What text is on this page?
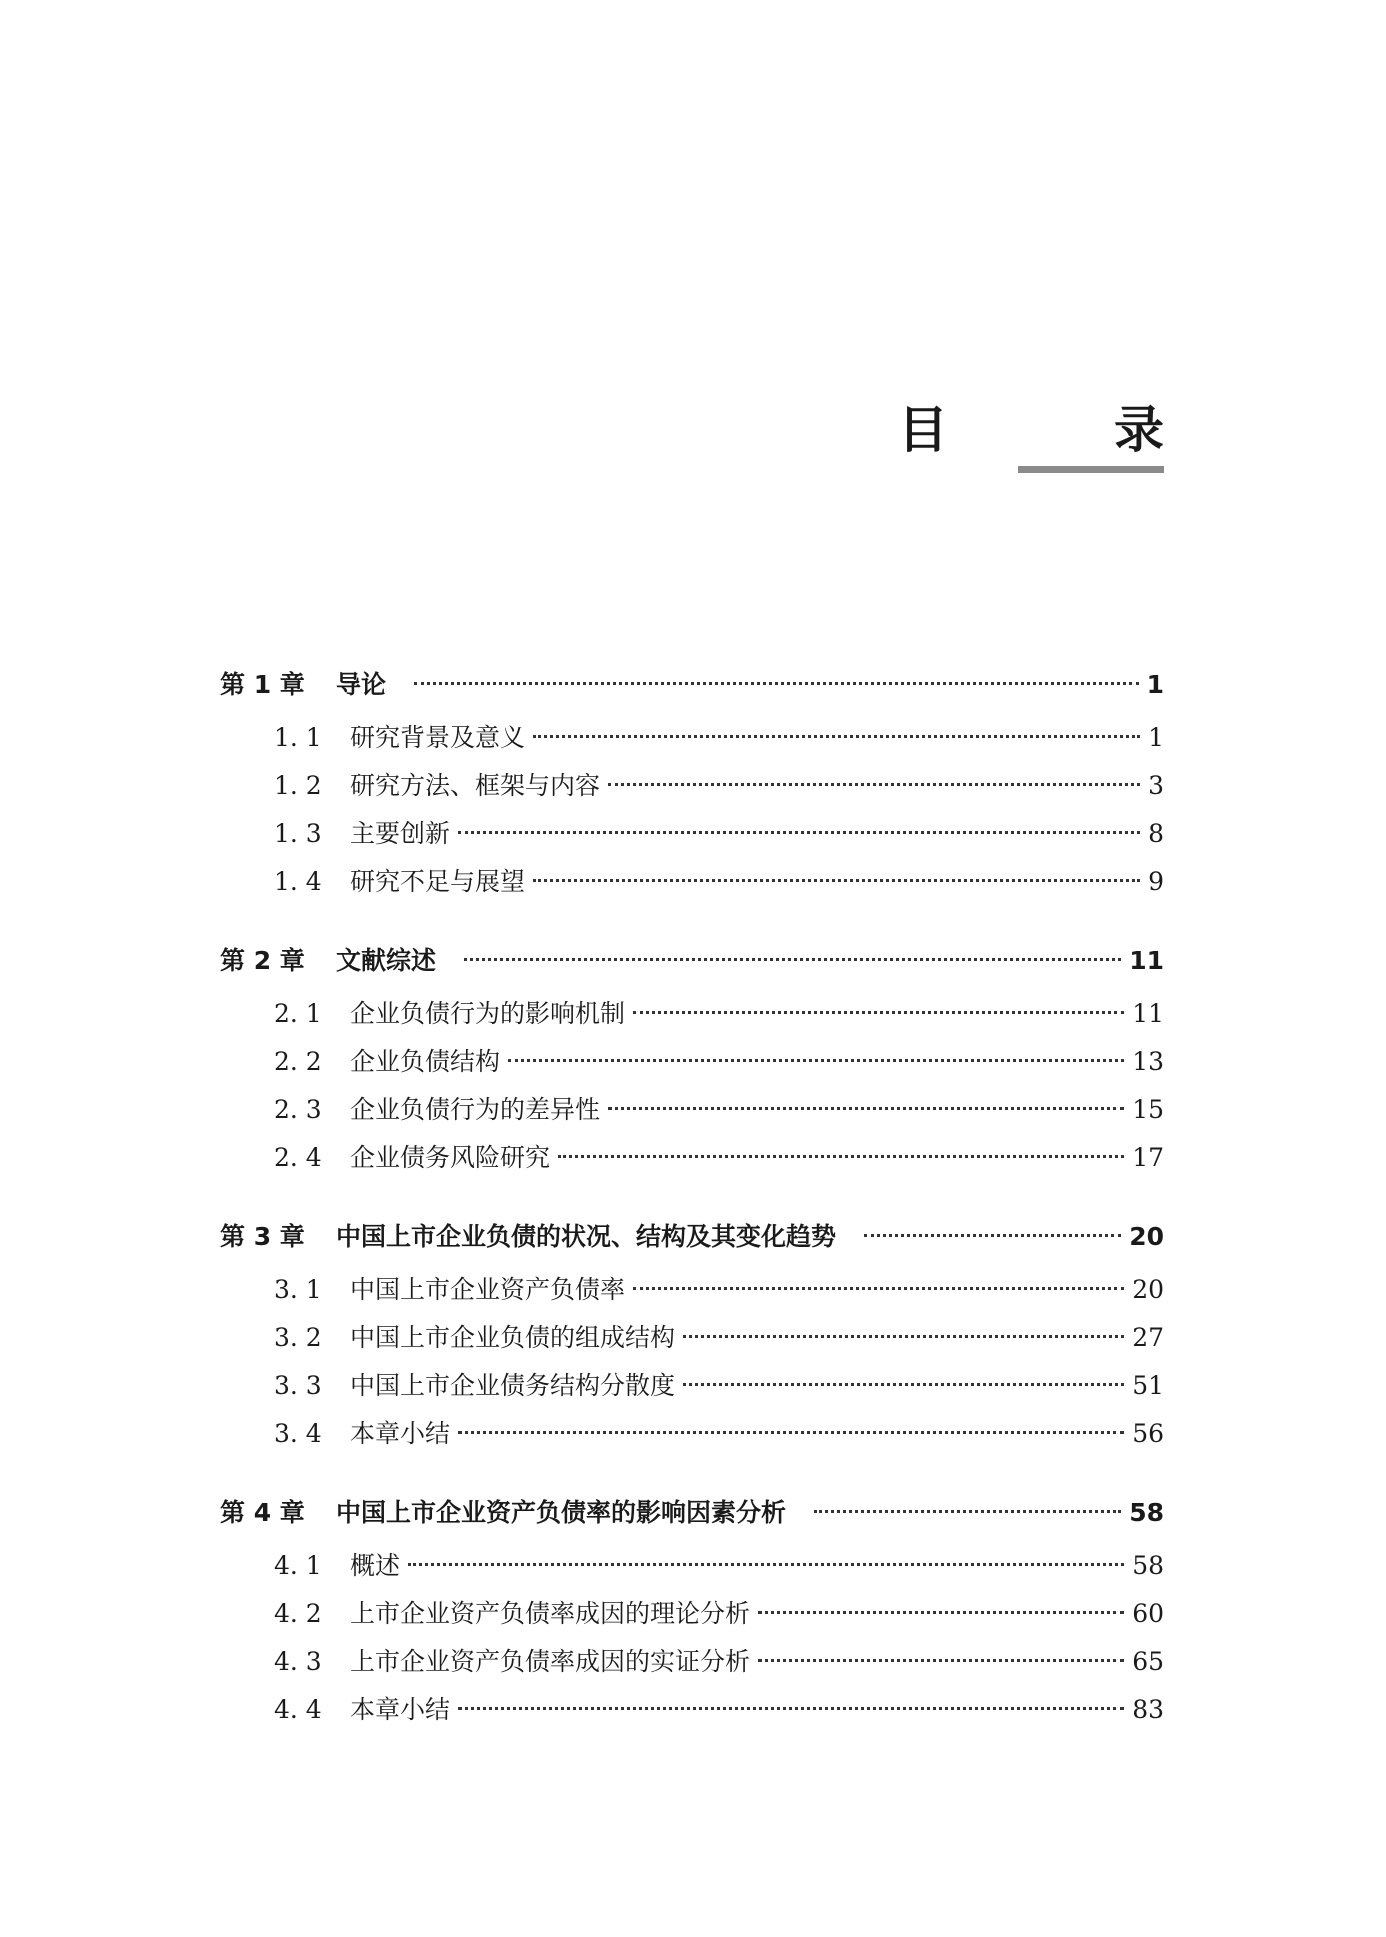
目　录
第 1 章	导论	1
1. 1	研究背景及意义	1
1. 2	研究方法、框架与内容	3
1. 3	主要创新	8
1. 4	研究不足与展望	9
第 2 章	文献综述	11
2. 1	企业负债行为的影响机制	11
2. 2	企业负债结构	13
2. 3	企业负债行为的差异性	15
2. 4	企业债务风险研究	17
第 3 章	中国上市企业负债的状况、结构及其变化趋势	20
3. 1	中国上市企业资产负债率	20
3. 2	中国上市企业负债的组成结构	27
3. 3	中国上市企业债务结构分散度	51
3. 4	本章小结	56
第 4 章	中国上市企业资产负债率的影响因素分析	58
4. 1	概述	58
4. 2	上市企业资产负债率成因的理论分析	60
4. 3	上市企业资产负债率成因的实证分析	65
4. 4	本章小结	83
